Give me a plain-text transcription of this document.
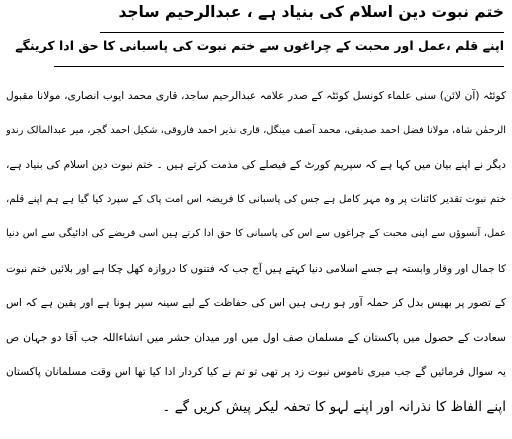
ختم نبوت دین اسلام کی بنیاد ہے ، عبدالرحیم ساجد
اپنے قلم ،عمل اور محبت کے چراغوں سے ختم نبوت کی پاسبانی کا حق ادا کرینگے
کوئٹہ (آن لائن) سنی علماء کونسل کوئٹہ کے صدر علامہ عبدالرحیم ساجد، قاری محمد ایوب انصاری، مولانا مقبول
الرحمٰن شاہ، مولانا فضل احمد صدیقی، محمد آصف مینگل، قاری نذیر احمد فاروقی، شکیل احمد گجر، میر عبدالمالک رندو
دیگر نے اپنے بیان میں کہا ہے کہ سپریم کورٹ کے فیصلے کی مذمت کرتے ہیں ۔ ختم نبوت دین اسلام کی بنیاد ہے،
ختم نبوت تقدیر کائنات پر وہ مہر کامل ہے جس کی پاسبانی کا فریضہ اس امت پاک کے سپرد کیا گیا ہے ہم اپنے قلم،
عمل، آنسوؤں سے اپنی محبت کے چراغوں سے اس کی پاسبانی کا حق ادا کرتے ہیں اسی فریضے کی ادائیگی سے اس دنیا
کا جمال اور وقار وابستہ ہے جسے اسلامی دنیا کہتے ہیں آج جب کہ فتنوں کا دروازہ کھل چکا ہے اور بلائیں ختم نبوت
کے تصور پر بھیس بدل کر حملہ آور ہو رہی ہیں اس کی حفاظت کے لیے سینہ سپر ہونا ہے اور یقین ہے کہ اس
سعادت کے حصول میں پاکستان کے مسلمان صف اول میں اور میدان حشر میں انشاءاللہ جب آقا دو جہان ص
یہ سوال فرمائیں گے جب میری ناموس نبوت زد پر تھی تو تم نے کیا کردار ادا کیا تھا اس وقت مسلمانان پاکستان
اپنے الفاظ کا نذرانہ اور اپنے لہو کا تحفہ لیکر پیش کریں گے ۔
